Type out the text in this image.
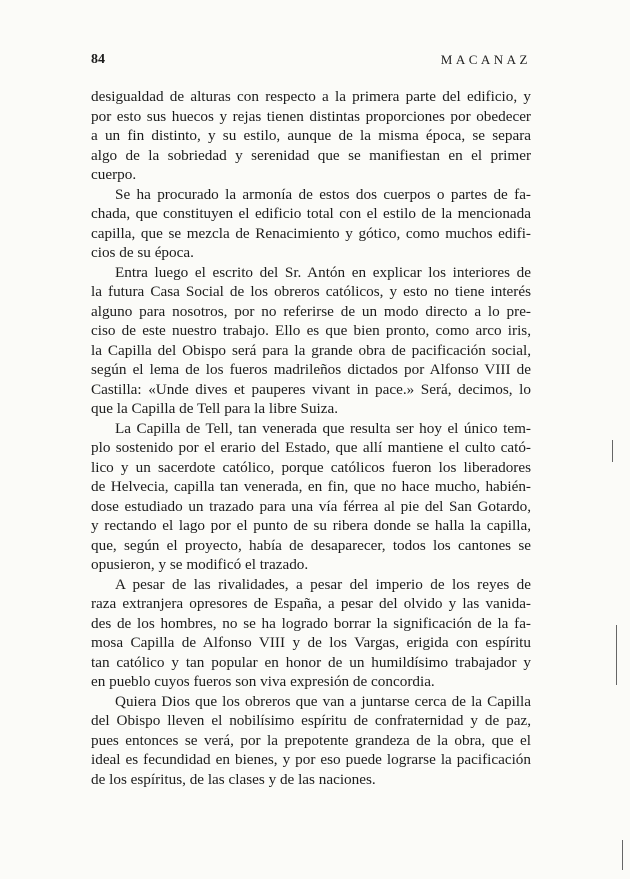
84	MACANAZ
desigualdad de alturas con respecto a la primera parte del edificio, y
por esto sus huecos y rejas tienen distintas proporciones por obedecer
a un fin distinto, y su estilo, aunque de la misma época, se separa
algo de la sobriedad y serenidad que se manifiestan en el primer
cuerpo.
Se ha procurado la armonía de estos dos cuerpos o partes de fa-
chada, que constituyen el edificio total con el estilo de la mencionada
capilla, que se mezcla de Renacimiento y gótico, como muchos edifi-
cios de su época.
Entra luego el escrito del Sr. Antón en explicar los interiores de
la futura Casa Social de los obreros católicos, y esto no tiene interés
alguno para nosotros, por no referirse de un modo directo a lo pre-
ciso de este nuestro trabajo. Ello es que bien pronto, como arco iris,
la Capilla del Obispo será para la grande obra de pacificación social,
según el lema de los fueros madrileños dictados por Alfonso VIII de
Castilla: «Unde dives et pauperes vivant in pace.» Será, decimos, lo
que la Capilla de Tell para la libre Suiza.
La Capilla de Tell, tan venerada que resulta ser hoy el único tem-
plo sostenido por el erario del Estado, que allí mantiene el culto cató-
lico y un sacerdote católico, porque católicos fueron los liberadores
de Helvecia, capilla tan venerada, en fin, que no hace mucho, habién-
dose estudiado un trazado para una vía férrea al pie del San Gotardo,
y rectando el lago por el punto de su ribera donde se halla la capilla,
que, según el proyecto, había de desaparecer, todos los cantones se
opusieron, y se modificó el trazado.
A pesar de las rivalidades, a pesar del imperio de los reyes de
raza extranjera opresores de España, a pesar del olvido y las vanida-
des de los hombres, no se ha logrado borrar la significación de la fa-
mosa Capilla de Alfonso VIII y de los Vargas, erigida con espíritu
tan católico y tan popular en honor de un humildísimo trabajador y
en pueblo cuyos fueros son viva expresión de concordia.
Quiera Dios que los obreros que van a juntarse cerca de la Capilla
del Obispo lleven el nobilísimo espíritu de confraternidad y de paz,
pues entonces se verá, por la prepotente grandeza de la obra, que el
ideal es fecundidad en bienes, y por eso puede lograrse la pacificación
de los espíritus, de las clases y de las naciones.
